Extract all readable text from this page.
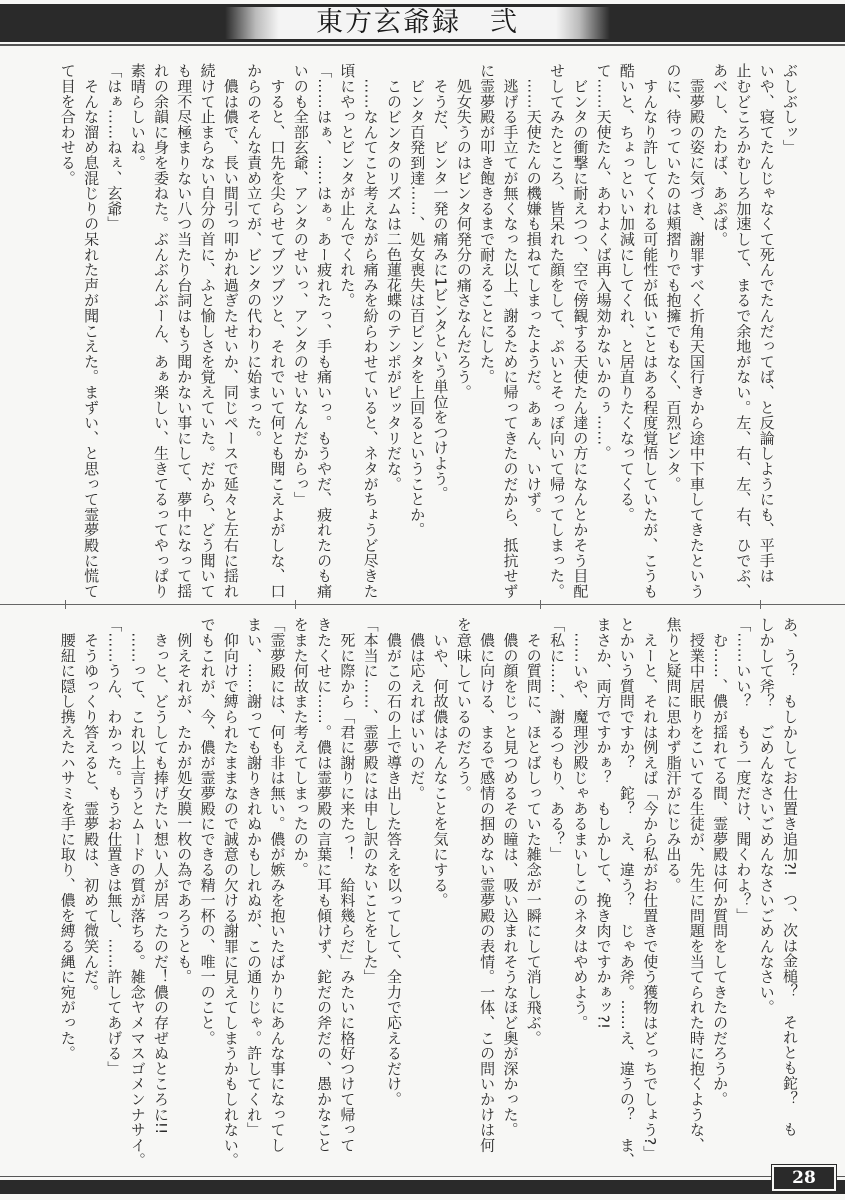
東方玄爺録　弐
ぶしぶしッ」
いや、寝てたんじゃなくて死んでたんだってば、と反論しようにも、平手は
止むどころかむしろ加速して、まるで余地がない。左、右、左、右、ひでぶ、
あべし、たわば、あぷぱ。
　霊夢殿の姿に気づき、謝罪すべく折角天国行きから途中下車してきたという
のに、待っていたのは頬摺りでも抱擁でもなく、百烈ビンタ。
　すんなり許してくれる可能性が低いことはある程度覚悟していたが、こうも
酷いと、ちょっといい加減にしてくれ、と居直りたくなってくる。
て……天使たん、あわよくば再入場効かないかのぅ……。
　ビンタの衝撃に耐えつつ、空で傍観する天使たん達の方になんとかそう目配
せしてみたところ、皆呆れた顔をして、ぷいとそっぽ向いて帰ってしまった。
　……天使たんの機嫌も損ねてしまったようだ。あぁん、いけず。
　逃げる手立てが無くなった以上、謝るために帰ってきたのだから、抵抗せず
に霊夢殿が叩き飽きるまで耐えることにした。
　処女失うのはビンタ何発分の痛さなんだろう。
　そうだ、ビンタ一発の痛みに1ビンタという単位をつけよう。
　ビンタ百発到達……、処女喪失は百ビンタを上回るということか。
　このビンタのリズムは二色蓮花蝶のテンポがピッタリだな。
　……なんてこと考えながら痛みを紛らわせていると、ネタがちょうど尽きた
頃にやっとビンタが止んでくれた。
「……はぁ、……はぁ。あー疲れたっ、手も痛いっ。もうやだ、疲れたのも痛
いのも全部玄爺、アンタのせいっ、アンタのせいなんだからっ」
　すると、口先を尖らせてブツブツと、それでいて何とも聞こえよがしな、口
からのそんな責め立てが、ビンタの代わりに始まった。
　儂は儂で、長い間引っ叩かれ過ぎたせいか、同じペースで延々と左右に揺れ
続けて止まらない自分の首に、ふと愉しさを覚えていた。だから、どう聞いて
も理不尽極まりない八つ当たり台詞はもう聞かない事にして、夢中になって揺
れの余韻に身を委ねた。ぶんぶんぶーん、あぁ楽しい、生きてるってやっぱり
素晴らしいね。
「はぁ……ねぇ、玄爺」
　そんな溜め息混じりの呆れた声が聞こえた。まずい、と思って霊夢殿に慌て
て目を合わせる。
あ、う？　もしかしてお仕置き追加?!　つ、次は金槌？　それとも鉈？　も
しかして斧？　ごめんなさいごめんなさいごめんなさい。
「……いい？　もう一度だけ、聞くわよ？」
　む……、儂が揺れてる間、霊夢殿は何か質問をしてきたのだろうか。
　授業中居眠りをこいてる生徒が、先生に問題を当てられた時に抱くような、
焦りと疑問に思わず脂汗がにじみ出る。
　えーと、それは例えば「今から私がお仕置きで使う獲物はどっちでしょう?」
とかいう質問ですか？　鉈？　え、違う？　じゃあ斧。……え、違うの？　ま、
まさか、両方ですかぁ？　もしかして、挽き肉ですかぁッ?!
　……いや、魔理沙殿じゃあるまいしこのネタはやめよう。
「私に……、謝るつもり、ある？」
　その質問に、ほとばしっていた雑念が一瞬にして消し飛ぶ。
　儂の顔をじっと見つめるその瞳は、吸い込まれそうなほど奥が深かった。
　儂に向ける、まるで感情の掴めない霊夢殿の表情。一体、この問いかけは何
を意味しているのだろう。
　いや、何故儂はそんなことを気にする。
　儂は応えればいいのだ。
　儂がこの石の上で導き出した答えを以ってして、全力で応えるだけ。
「本当に……、霊夢殿には申し訳のないことをした」
　死に際から「君に謝りに来たっ！　給料幾らだ」みたいに格好つけて帰って
きたくせに……。儂は霊夢殿の言葉に耳も傾けず、鉈だの斧だの、愚かなこと
をまた何故また考えてしまったのか。
「霊夢殿には、何も非は無い。儂が嫉みを抱いたばかりにあんな事になってし
まい、……謝っても謝りきれぬかもしれぬが、この通りじゃ。許してくれ」
　仰向けで縛られたままなので誠意の欠ける謝罪に見えてしまうかもしれない。
でもこれが、今、儂が霊夢殿にできる精一杯の、唯一のこと。
　例えそれが、たかが処女膜一枚の為であろうとも。
　きっと、どうしても捧げたい想い人が居ったのだ！儂の存ぜぬところに!!
　……って、これ以上言うとムードの質が落ちる。雑念ヤメマスゴメンナサイ。
「……うん、わかった。もうお仕置きは無し、……許してあげる」
　そうゆっくり答えると、霊夢殿は、初めて微笑んだ。
　腰紐に隠し携えたハサミを手に取り、儂を縛る縄に宛がった。
28
